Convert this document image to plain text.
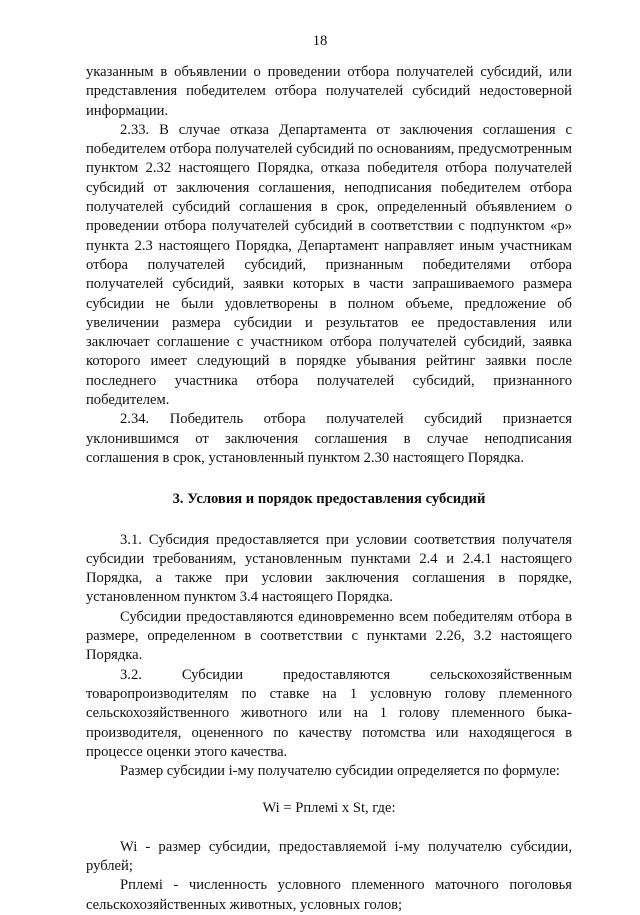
18

указанным в объявлении о проведении отбора получателей субсидий, или представления победителем отбора получателей субсидий недостоверной информации.

2.33. В случае отказа Департамента от заключения соглашения с победителем отбора получателей субсидий по основаниям, предусмотренным пунктом 2.32 настоящего Порядка, отказа победителя отбора получателей субсидий от заключения соглашения, неподписания победителем отбора получателей субсидий соглашения в срок, определенный объявлением о проведении отбора получателей субсидий в соответствии с подпунктом «р» пункта 2.3 настоящего Порядка, Департамент направляет иным участникам отбора получателей субсидий, признанным победителями отбора получателей субсидий, заявки которых в части запрашиваемого размера субсидии не были удовлетворены в полном объеме, предложение об увеличении размера субсидии и результатов ее предоставления или заключает соглашение с участником отбора получателей субсидий, заявка которого имеет следующий в порядке убывания рейтинг заявки после последнего участника отбора получателей субсидий, признанного победителем.

2.34. Победитель отбора получателей субсидий признается уклонившимся от заключения соглашения в случае неподписания соглашения в срок, установленный пунктом 2.30 настоящего Порядка.

3. Условия и порядок предоставления субсидий

3.1. Субсидия предоставляется при условии соответствия получателя субсидии требованиям, установленным пунктами 2.4 и 2.4.1 настоящего Порядка, а также при условии заключения соглашения в порядке, установленном пунктом 3.4 настоящего Порядка.

Субсидии предоставляются единовременно всем победителям отбора в размере, определенном в соответствии с пунктами 2.26, 3.2 настоящего Порядка.

3.2. Субсидии предоставляются сельскохозяйственным товаропроизводителям по ставке на 1 условную голову племенного сельскохозяйственного животного или на 1 голову племенного быка-производителя, оцененного по качеству потомства или находящегося в процессе оценки этого качества.

Размер субсидии i-му получателю субсидии определяется по формуле:

Wi = Рплемi x St, где:

Wi - размер субсидии, предоставляемой i-му получателю субсидии, рублей;

Рплемi - численность условного племенного маточного поголовья сельскохозяйственных животных, условных голов;
